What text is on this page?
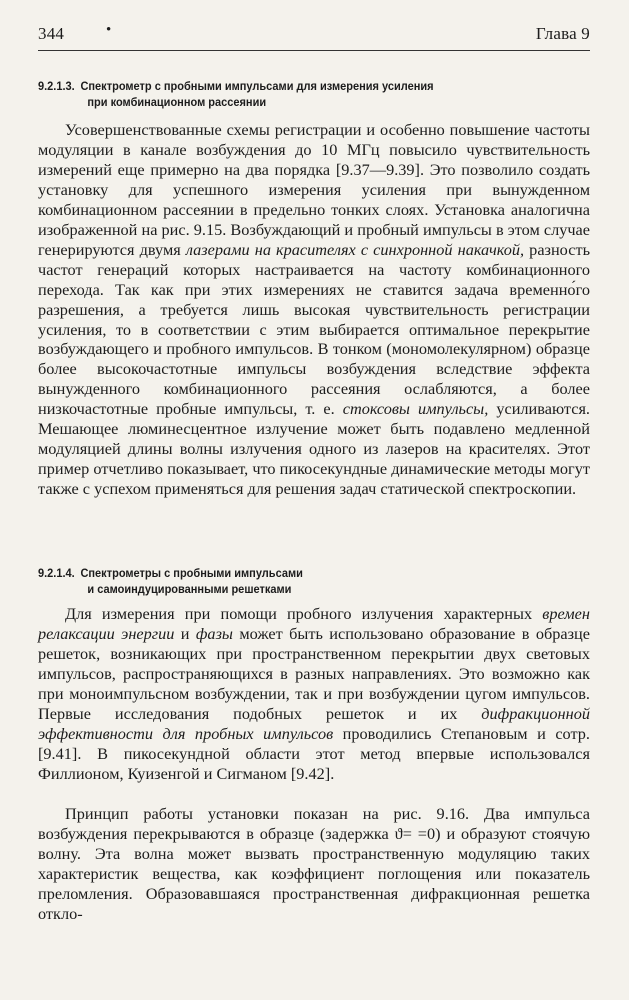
344	•	Глава 9
9.2.1.3. Спектрометр с пробными импульсами для измерения усиления
при комбинационном рассеянии

Усовершенствованные схемы регистрации и особенно повышение частоты модуляции в канале возбуждения до 10 МГц повысило чувствительность измерений еще примерно на два порядка [9.37—9.39]. Это позволило создать установку для успешного измерения усиления при вынужденном комбинационном рассеянии в предельно тонких слоях. Установка аналогична изображенной на рис. 9.15. Возбуждающий и пробный импульсы в этом случае генерируются двумя лазерами на красителях с синхронной накачкой, разность частот генераций которых настраивается на частоту комбинационного перехода. Так как при этих измерениях не ставится задача временно́го разрешения, а требуется лишь высокая чувствительность регистрации усиления, то в соответствии с этим выбирается оптимальное перекрытие возбуждающего и пробного импульсов. В тонком (мономолекулярном) образце более высокочастотные импульсы возбуждения вследствие эффекта вынужденного комбинационного рассеяния ослабляются, а более низкочастотные пробные импульсы, т. е. стоксовы импульсы, усиливаются. Мешающее люминесцентное излучение может быть подавлено медленной модуляцией длины волны излучения одного из лазеров на красителях. Этот пример отчетливо показывает, что пикосекундные динамические методы могут также с успехом применяться для решения задач статической спектроскопии.

9.2.1.4. Спектрометры с пробными импульсами
и самоиндуцированными решетками

Для измерения при помощи пробного излучения характерных времен релаксации энергии и фазы может быть использовано образование в образце решеток, возникающих при пространственном перекрытии двух световых импульсов, распространяющихся в разных направлениях. Это возможно как при моноимпульсном возбуждении, так и при возбуждении цугом импульсов. Первые исследования подобных решеток и их дифракционной эффективности для пробных импульсов проводились Степановым и сотр. [9.41]. В пикосекундной области этот метод впервые использовался Филлионом, Куизенгой и Сигманом [9.42].

Принцип работы установки показан на рис. 9.16. Два импульса возбуждения перекрываются в образце (задержка ϑ= =0) и образуют стоячую волну. Эта волна может вызвать пространственную модуляцию таких характеристик вещества, как коэффициент поглощения или показатель преломления. Образовавшаяся пространственная дифракционная решетка откло-
